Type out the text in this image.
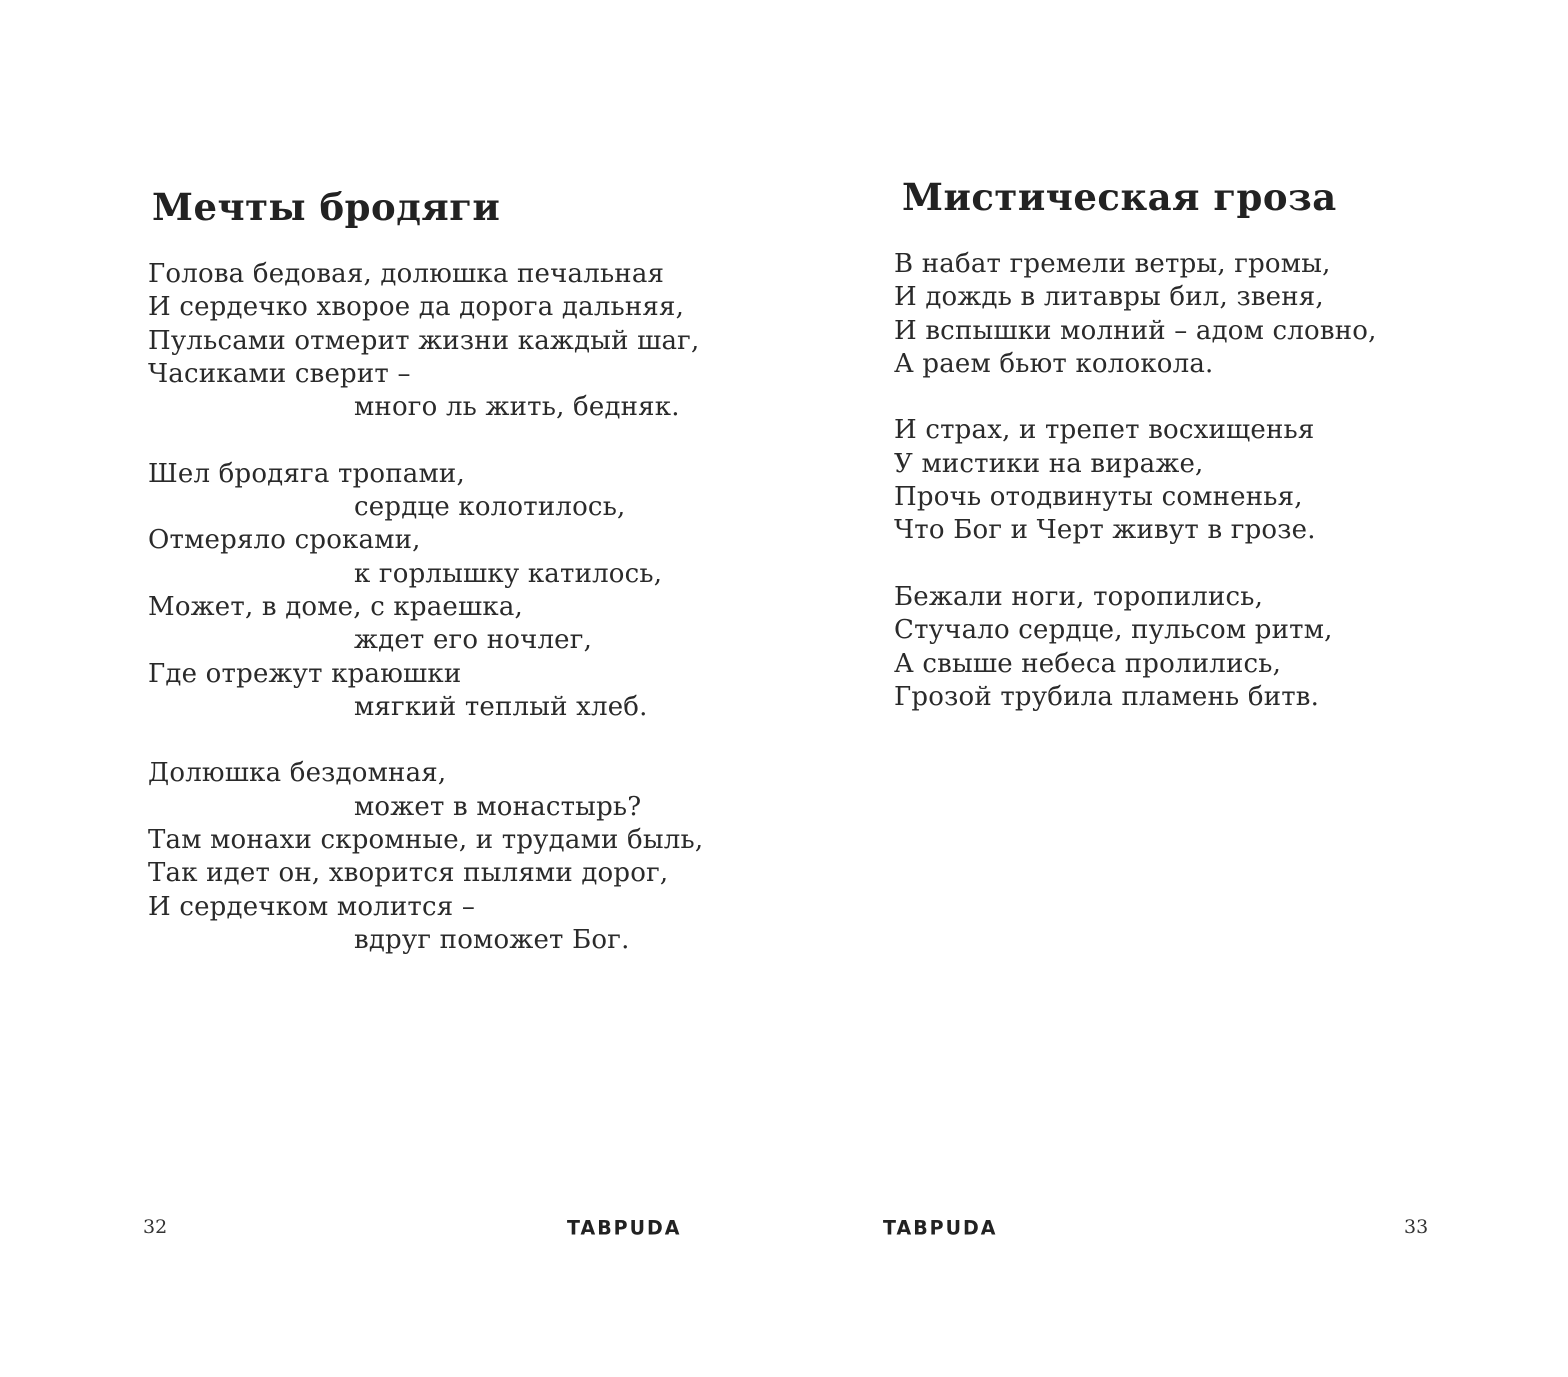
Мечты бродяги
Голова бедовая, долюшка печальная
И сердечко хворое да дорога дальняя,
Пульсами отмерит жизни каждый шаг,
Часиками сверит –
много ль жить, бедняк.
Шел бродяга тропами,
сердце колотилось,
Отмеряло сроками,
к горлышку катилось,
Может, в доме, с краешка,
ждет его ночлег,
Где отрежут краюшки
мягкий теплый хлеб.
Долюшка бездомная,
может в монастырь?
Там монахи скромные, и трудами быль,
Так идет он, хворится пылями дорог,
И сердечком молится –
вдруг поможет Бог.
32	TABPUDA
Мистическая гроза
В набат гремели ветры, громы,
И дождь в литавры бил, звеня,
И вспышки молний – адом словно,
А раем бьют колокола.
И страх, и трепет восхищенья
У мистики на вираже,
Прочь отодвинуты сомненья,
Что Бог и Черт живут в грозе.
Бежали ноги, торопились,
Стучало сердце, пульсом ритм,
А свыше небеса пролились,
Грозой трубила пламень битв.
33
TABPUDA
